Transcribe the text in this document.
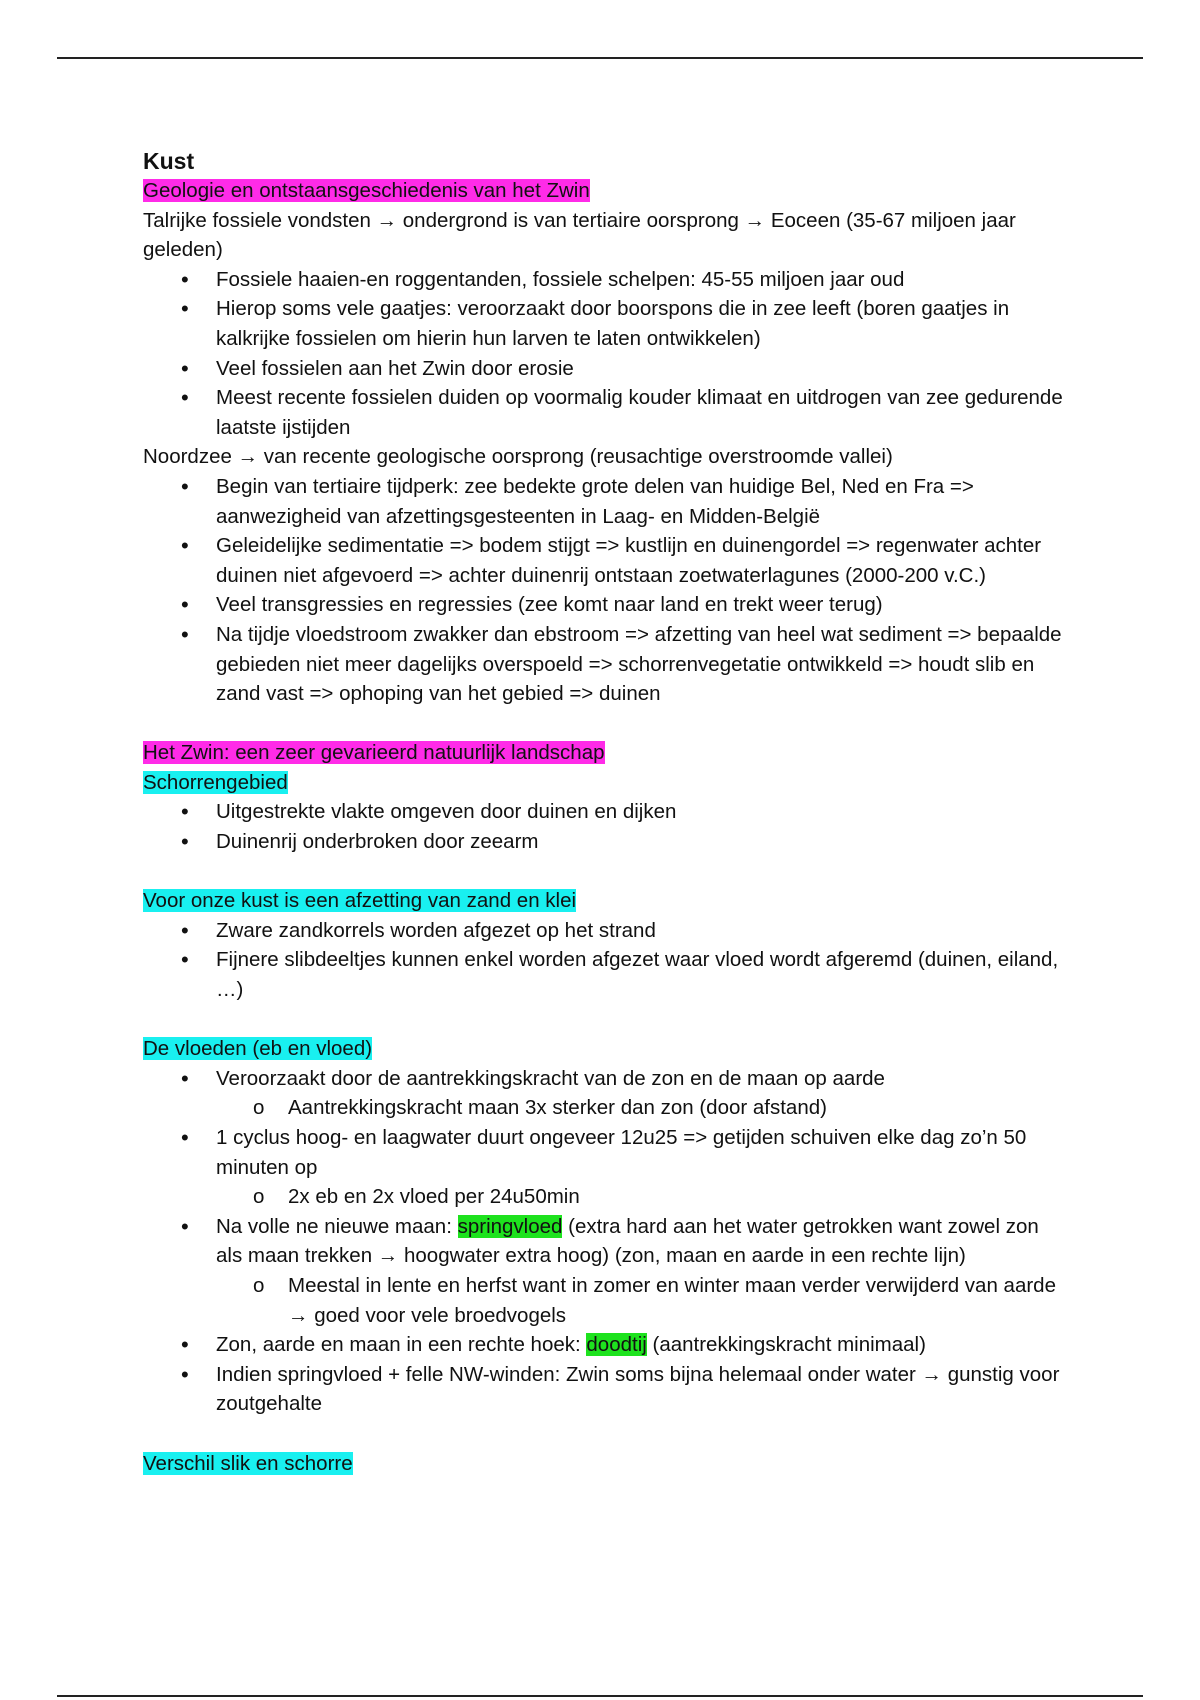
Kust

Geologie en ontstaansgeschiedenis van het Zwin

Talrijke fossiele vondsten → ondergrond is van tertiaire oorsprong → Eoceen (35-67 miljoen jaar geleden)

• Fossiele haaien-en roggentanden, fossiele schelpen: 45-55 miljoen jaar oud
• Hierop soms vele gaatjes: veroorzaakt door boorspons die in zee leeft (boren gaatjes in kalkrijke fossielen om hierin hun larven te laten ontwikkelen)
• Veel fossielen aan het Zwin door erosie
• Meest recente fossielen duiden op voormalig kouder klimaat en uitdrogen van zee gedurende laatste ijstijden

Noordzee → van recente geologische oorsprong (reusachtige overstroomde vallei)

• Begin van tertiaire tijdperk: zee bedekte grote delen van huidige Bel, Ned en Fra => aanwezigheid van afzettingsgesteenten in Laag- en Midden-België
• Geleidelijke sedimentatie => bodem stijgt => kustlijn en duinengordel => regenwater achter duinen niet afgevoerd => achter duinenrij ontstaan zoetwaterlagunes (2000-200 v.C.)
• Veel transgressies en regressies (zee komt naar land en trekt weer terug)
• Na tijdje vloedstroom zwakker dan ebstroom => afzetting van heel wat sediment => bepaalde gebieden niet meer dagelijks overspoeld => schorrenvegetatie ontwikkeld => houdt slib en zand vast => ophoping van het gebied => duinen

Het Zwin: een zeer gevarieerd natuurlijk landschap

Schorrengebied

• Uitgestrekte vlakte omgeven door duinen en dijken
• Duinenrij onderbroken door zeearm

Voor onze kust is een afzetting van zand en klei

• Zware zandkorrels worden afgezet op het strand
• Fijnere slibdeeltjes kunnen enkel worden afgezet waar vloed wordt afgeremd (duinen, eiland, …)

De vloeden (eb en vloed)

• Veroorzaakt door de aantrekkingskracht van de zon en de maan op aarde
o Aantrekkingskracht maan 3x sterker dan zon (door afstand)
• 1 cyclus hoog- en laagwater duurt ongeveer 12u25 => getijden schuiven elke dag zo’n 50 minuten op
o 2x eb en 2x vloed per 24u50min
• Na volle ne nieuwe maan: springvloed (extra hard aan het water getrokken want zowel zon als maan trekken → hoogwater extra hoog) (zon, maan en aarde in een rechte lijn)
o Meestal in lente en herfst want in zomer en winter maan verder verwijderd van aarde → goed voor vele broedvogels
• Zon, aarde en maan in een rechte hoek: doodtij (aantrekkingskracht minimaal)
• Indien springvloed + felle NW-winden: Zwin soms bijna helemaal onder water → gunstig voor zoutgehalte

Verschil slik en schorre
